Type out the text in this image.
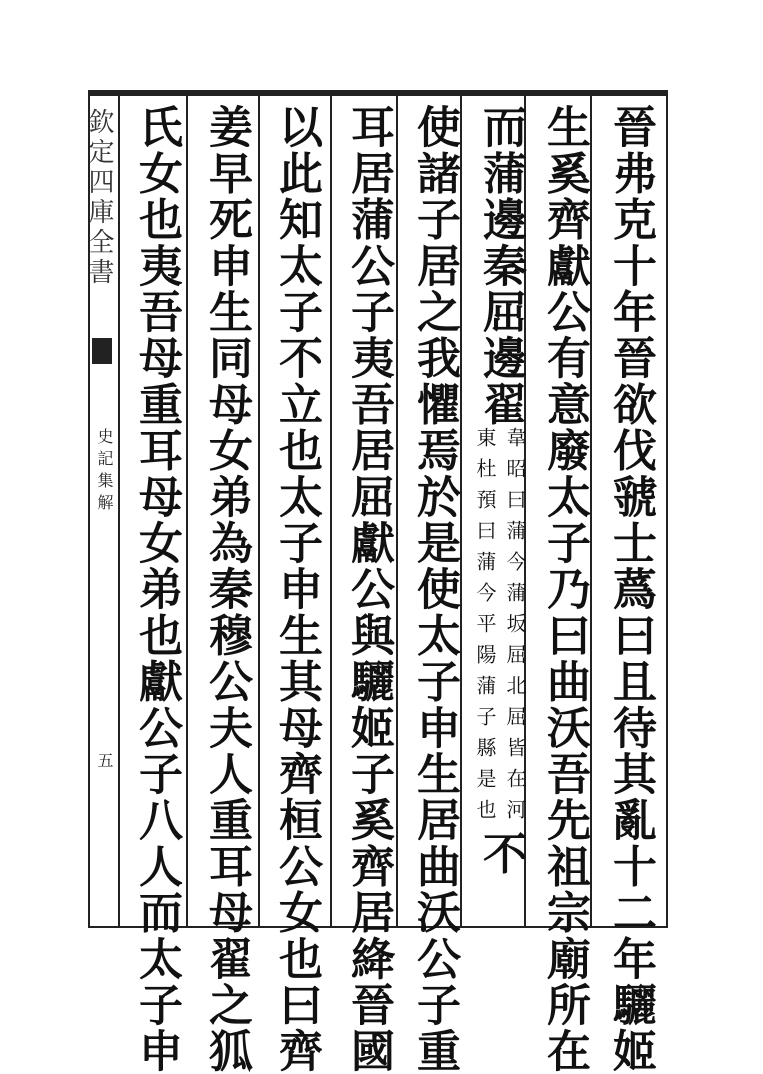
欽定四庫全書
史記集解
五	晉弗克十年晉欲伐虢士蔿曰且待其亂十二年驪姬
生奚齊獻公有意廢太子乃曰曲沃吾先祖宗廟所在
而蒲邊秦屈邊翟
韋昭曰蒲今蒲坂屈北屈皆在河
東杜預曰蒲今平陽蒲子縣是也
不
使諸子居之我懼焉於是使太子申生居曲沃公子重
耳居蒲公子夷吾居屈獻公與驪姬子奚齊居絳晉國
以此知太子不立也太子申生其母齊桓公女也曰齊
姜早死申生同母女弟為秦穆公夫人重耳母翟之狐
氏女也夷吾母重耳母女弟也獻公子八人而太子申
